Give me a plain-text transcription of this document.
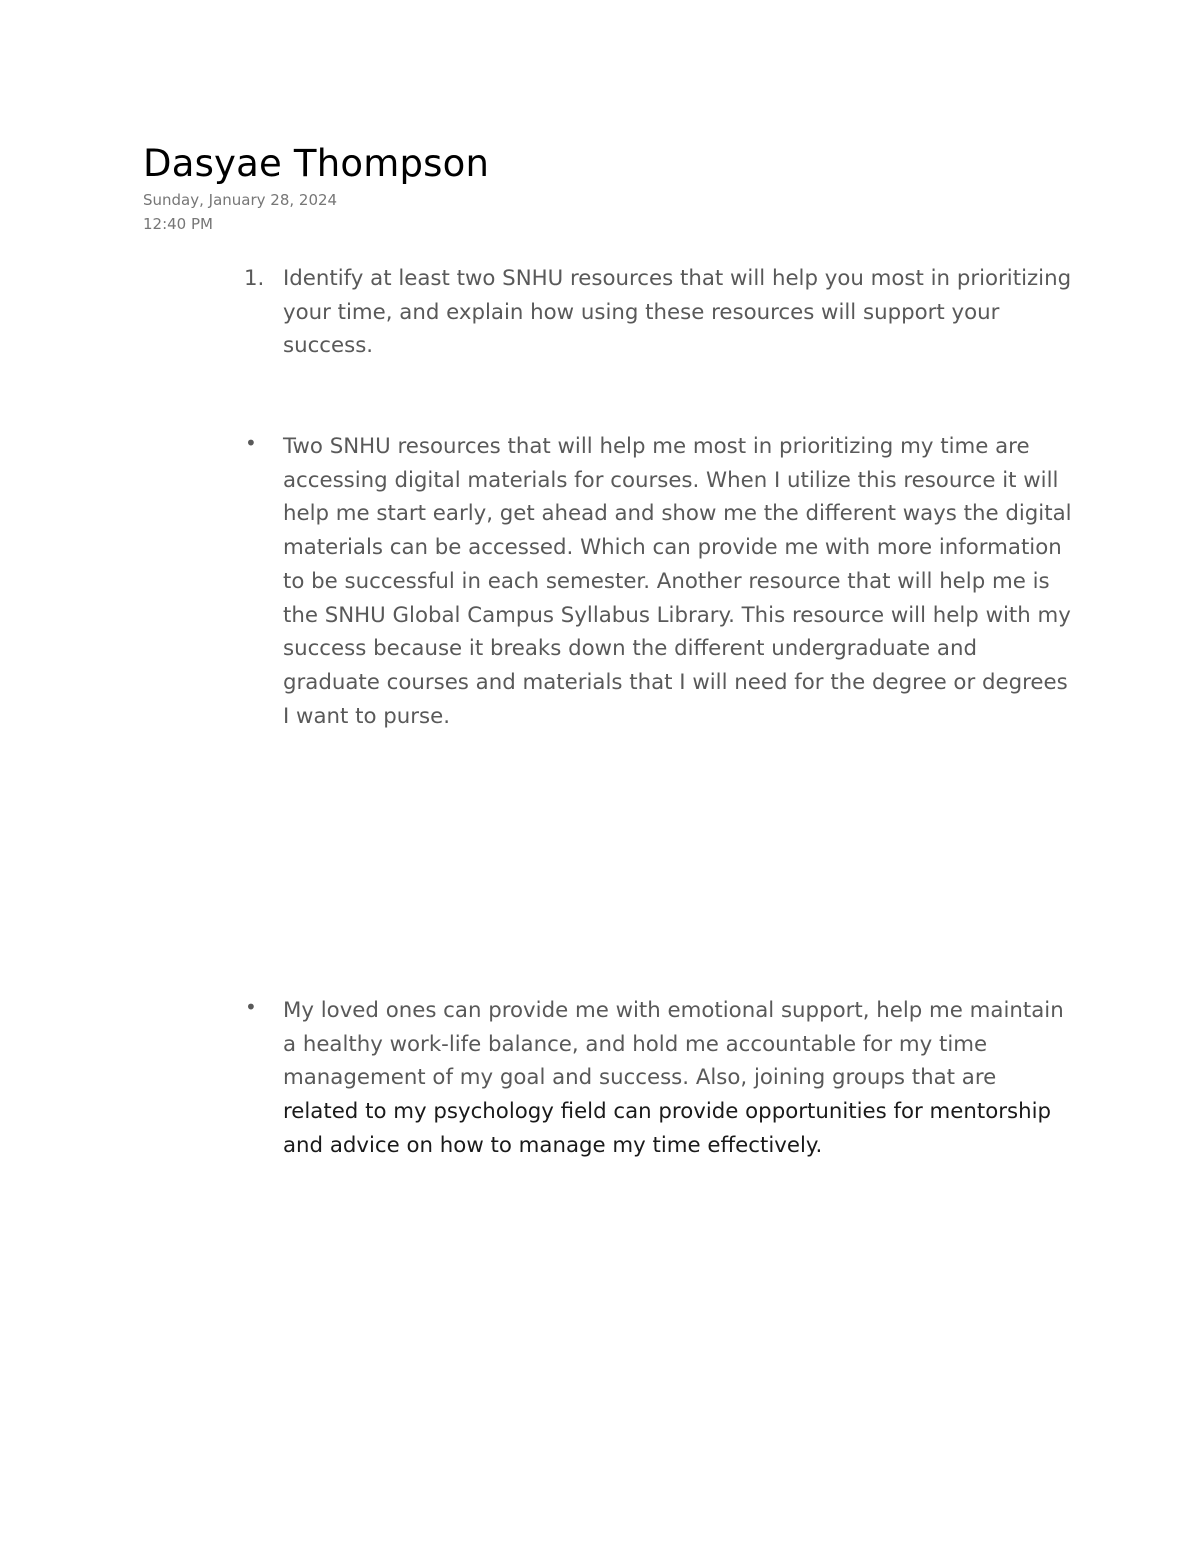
Dasyae Thompson
Sunday, January 28, 2024
12:40 PM
1. Identify at least two SNHU resources that will help you most in prioritizing your time, and explain how using these resources will support your success.
• Two SNHU resources that will help me most in prioritizing my time are accessing digital materials for courses. When I utilize this resource it will help me start early, get ahead and show me the different ways the digital materials can be accessed. Which can provide me with more information to be successful in each semester. Another resource that will help me is the SNHU Global Campus Syllabus Library. This resource will help with my success because it breaks down the different undergraduate and graduate courses and materials that I will need for the degree or degrees I want to purse.
• My loved ones can provide me with emotional support, help me maintain a healthy work-life balance, and hold me accountable for my time management of my goal and success. Also, joining groups that are related to my psychology field can provide opportunities for mentorship and advice on how to manage my time effectively.
